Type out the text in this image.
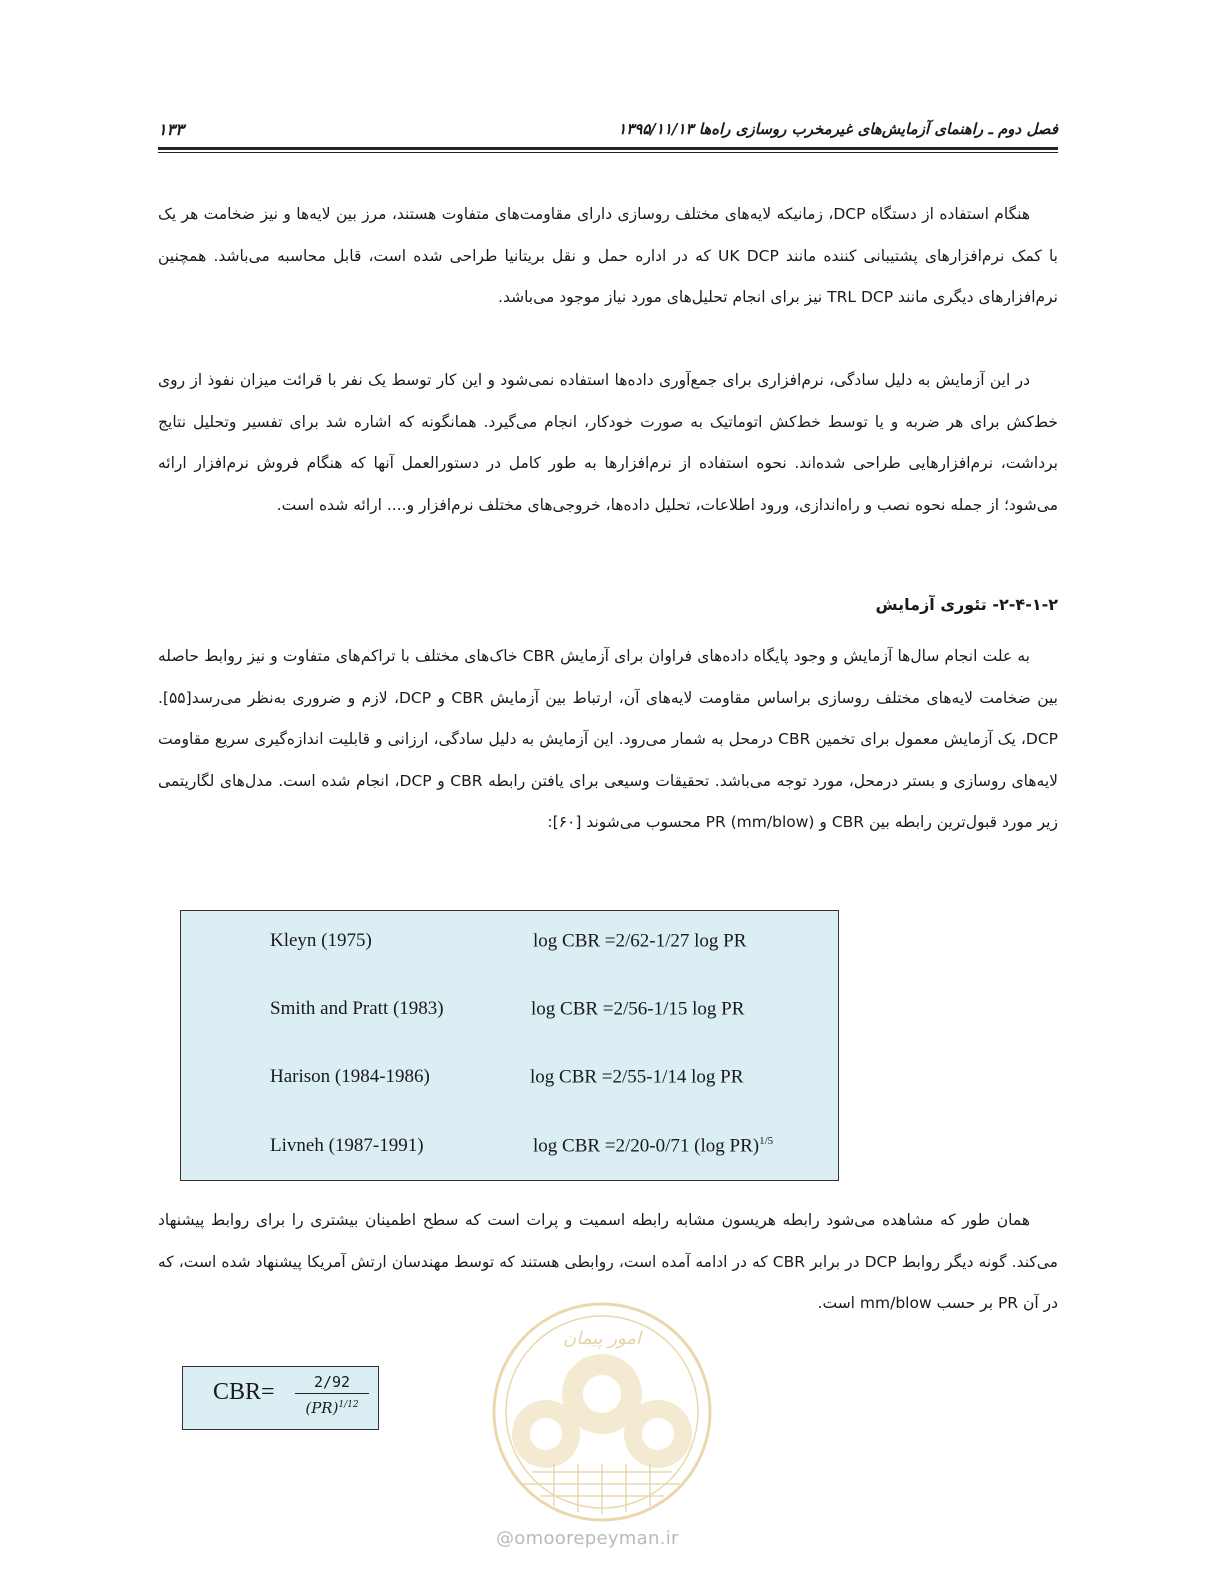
فصل دوم ـ راهنمای آزمایش‌های غیرمخرب روسازی راه‌ها ۱۳۹۵/۱۱/۱۳
۱۳۳

هنگام استفاده از دستگاه DCP، زمانیکه لایه‌های مختلف روسازی دارای مقاومت‌های متفاوت هستند، مرز بین لایه‌ها و نیز ضخامت هر یک با کمک نرم‌افزارهای پشتیبانی کننده مانند UK DCP که در اداره حمل و نقل بریتانیا طراحی شده است، قابل محاسبه می‌باشد. همچنین نرم‌افزارهای دیگری مانند TRL DCP نیز برای انجام تحلیل‌های مورد نیاز موجود می‌باشد.

در این آزمایش به دلیل سادگی، نرم‌افزاری برای جمع‌آوری داده‌ها استفاده نمی‌شود و این کار توسط یک نفر با قرائت میزان نفوذ از روی خط‌کش برای هر ضربه و یا توسط خط‌کش اتوماتیک به صورت خودکار، انجام می‌گیرد. همانگونه که اشاره شد برای تفسیر وتحلیل نتایج برداشت، نرم‌افزارهایی طراحی شده‌اند. نحوه استفاده از نرم‌افزارها به طور کامل در دستورالعمل آنها که هنگام فروش نرم‌افزار ارائه می‌شود؛ از جمله نحوه نصب و راه‌اندازی، ورود اطلاعات، تحلیل داده‌ها، خروجی‌های مختلف نرم‌افزار و.... ارائه شده است.

۲-۴-۱-۲- تئوری آزمایش

به علت انجام سال‌ها آزمایش و وجود پایگاه داده‌های فراوان برای آزمایش CBR خاک‌های مختلف با تراکم‌های متفاوت و نیز روابط حاصله بین ضخامت لایه‌های مختلف روسازی براساس مقاومت لایه‌های آن، ارتباط بین آزمایش CBR و DCP، لازم و ضروری به‌نظر می‌رسد[۵۵]. DCP، یک آزمایش معمول برای تخمین CBR درمحل به شمار می‌رود. این آزمایش به دلیل سادگی، ارزانی و قابلیت اندازه‌گیری سریع مقاومت لایه‌های روسازی و بستر درمحل، مورد توجه می‌باشد. تحقیقات وسیعی برای یافتن رابطه CBR و DCP، انجام شده است. مدل‌های لگاریتمی زیر مورد قبول‌ترین رابطه بین CBR و PR (mm/blow) محسوب می‌شوند [۶۰]:

Kleyn (1975)	log CBR =2/62-1/27 log PR
Smith and Pratt (1983)	log CBR =2/56-1/15 log PR
Harison (1984-1986)	log CBR =2/55-1/14 log PR
Livneh (1987-1991)	log CBR =2/20-0/71 (log PR)$^{1/5}$

همان طور که مشاهده می‌شود رابطه هریسون مشابه رابطه اسمیت و پرات است که سطح اطمینان بیشتری را برای روابط پیشنهاد می‌کند. گونه دیگر روابط DCP در برابر CBR که در ادامه آمده است، روابطی هستند که توسط مهندسان ارتش آمریکا پیشنهاد شده است، که در آن PR بر حسب mm/blow است.

امور پیمان
@omoorepeyman.ir
CBR=	2/92
(PR)$^{1/12}$
